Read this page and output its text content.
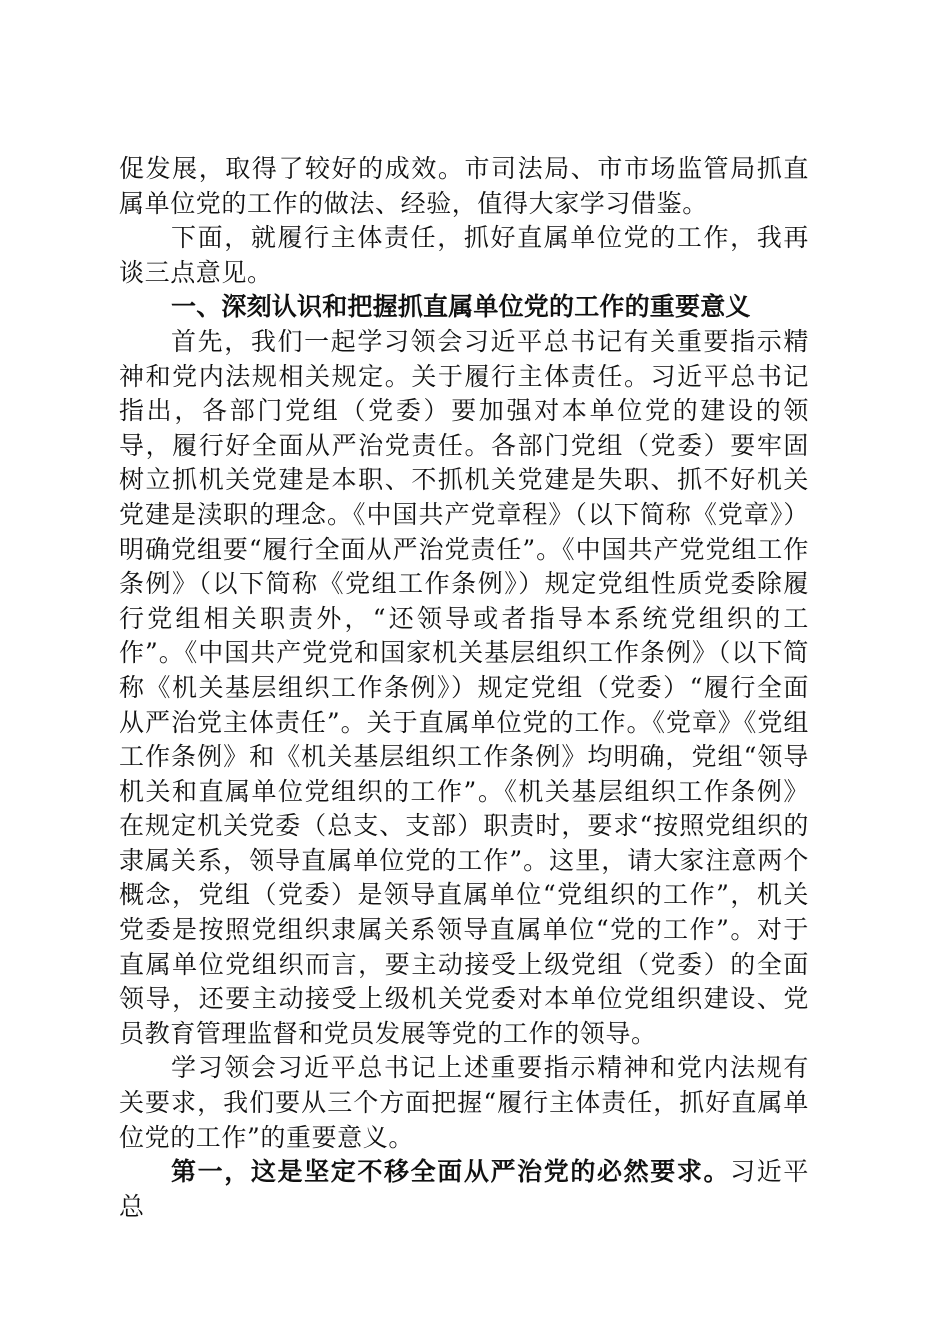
促发展，取得了较好的成效。市司法局、市市场监管局抓直属单位党的工作的做法、经验，值得大家学习借鉴。

下面，就履行主体责任，抓好直属单位党的工作，我再谈三点意见。

一、深刻认识和把握抓直属单位党的工作的重要意义

首先，我们一起学习领会习近平总书记有关重要指示精神和党内法规相关规定。关于履行主体责任。习近平总书记指出，各部门党组（党委）要加强对本单位党的建设的领导，履行好全面从严治党责任。各部门党组（党委）要牢固树立抓机关党建是本职、不抓机关党建是失职、抓不好机关党建是渎职的理念。《中国共产党章程》（以下简称《党章》）明确党组要“履行全面从严治党责任”。《中国共产党党组工作条例》（以下简称《党组工作条例》）规定党组性质党委除履行党组相关职责外，“还领导或者指导本系统党组织的工作”。《中国共产党党和国家机关基层组织工作条例》（以下简称《机关基层组织工作条例》）规定党组（党委）“履行全面从严治党主体责任”。关于直属单位党的工作。《党章》《党组工作条例》和《机关基层组织工作条例》均明确，党组“领导机关和直属单位党组织的工作”。《机关基层组织工作条例》在规定机关党委（总支、支部）职责时，要求“按照党组织的隶属关系，领导直属单位党的工作”。这里，请大家注意两个概念，党组（党委）是领导直属单位“党组织的工作”，机关党委是按照党组织隶属关系领导直属单位“党的工作”。对于直属单位党组织而言，要主动接受上级党组（党委）的全面领导，还要主动接受上级机关党委对本单位党组织建设、党员教育管理监督和党员发展等党的工作的领导。

学习领会习近平总书记上述重要指示精神和党内法规有关要求，我们要从三个方面把握“履行主体责任，抓好直属单位党的工作”的重要意义。

第一，这是坚定不移全面从严治党的必然要求。习近平总
